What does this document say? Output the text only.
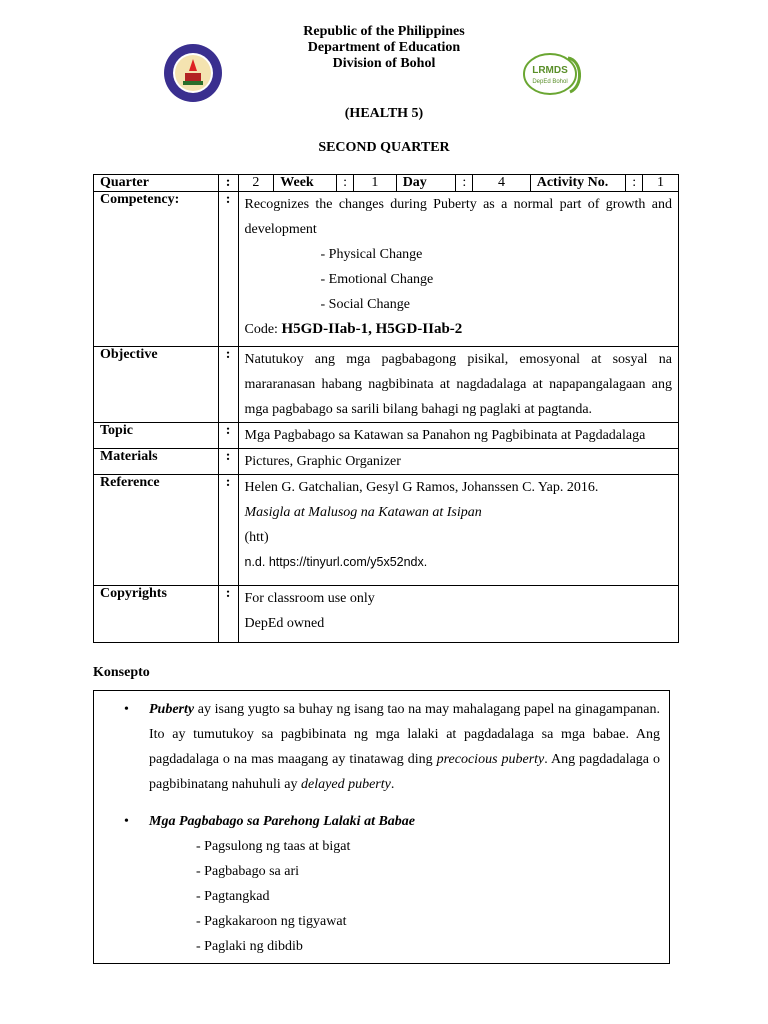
Republic of the Philippines
Department of Education
Division of Bohol	LRMDS
DepEd Bohol
(HEALTH 5)
SECOND QUARTER
Quarter	:	2	Week	:	1	Day	:	4	Activity No.	:	1
Competency:	:	Recognizes the changes during Puberty as a normal part of growth and development
- Physical Change
- Emotional Change
- Social Change
Code: H5GD-IIab-1, H5GD-IIab-2									
Objective	:	Natutukoy ang mga pagbabagong pisikal, emosyonal at sosyal na mararanasan habang nagbibinata at nagdadalaga at napapangalagaan ang mga pagbabago sa sarili bilang bahagi ng paglaki at pagtanda.									
Topic	:	Mga Pagbabago sa Katawan sa Panahon ng Pagbibinata at Pagdadalaga									
Materials	:	Pictures, Graphic Organizer									
Reference	:	Helen G. Gatchalian, Gesyl G Ramos, Johanssen C. Yap. 2016.
Masigla at Malusog na Katawan at Isipan
(htt)
n.d. https://tinyurl.com/y5x52ndx.									

Copyrights	:	For classroom use only
DepEd owned									
Konsepto
•	Puberty ay isang yugto sa buhay ng isang tao na may mahalagang papel na ginagampanan. Ito ay tumutukoy sa pagbibinata ng mga lalaki at pagdadalaga sa mga babae. Ang pagdadalaga o na mas maagang ay tinatawag ding precocious puberty. Ang pagdadalaga o pagbibinatang nahuhuli ay delayed puberty.
•	Mga Pagbabago sa Parehong Lalaki at Babae
- Pagsulong ng taas at bigat
- Pagbabago sa ari
- Pagtangkad
- Pagkakaroon ng tigyawat
- Paglaki ng dibdib
